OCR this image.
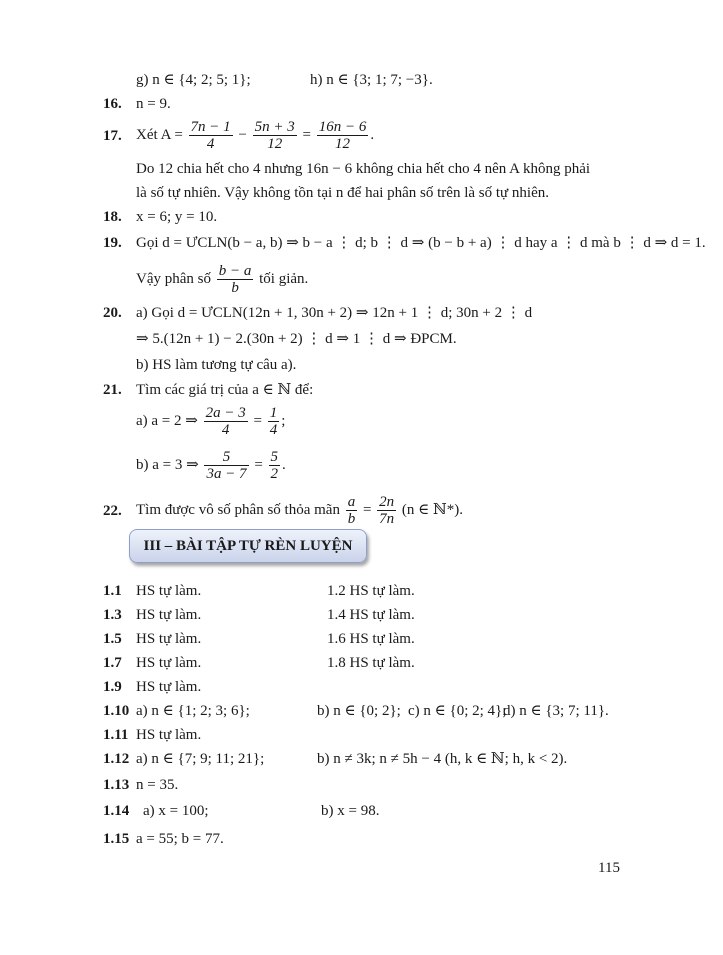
g) n ∈ {4; 2; 5; 1};	h) n ∈ {3; 1; 7; −3}.
16. n = 9.
17. Xét $A = \frac{7n - 1}{4} - \frac{5n + 3}{12} = \frac{16n - 6}{12}$ .
Do 12 chia hết cho 4 nhưng 16n − 6 không chia hết cho 4 nên A không phải
là số tự nhiên. Vậy không tồn tại n để hai phân số trên là số tự nhiên.
18. x = 6; y = 10.
19. Gọi d = ƯCLN(b − a, b) ⇒ b − a ⋮ d; b ⋮ d ⇒ (b − b + a) ⋮ d hay a ⋮ d mà b ⋮ d ⇒ d = 1.
Vậy phân số $\frac{b - a}{b}$ tối giản.
20. a) Gọi d = ƯCLN(12n + 1, 30n + 2) ⇒ 12n + 1 ⋮ d; 30n + 2 ⋮ d
⇒ 5.(12n + 1) − 2.(30n + 2) ⋮ d ⇒ 1 ⋮ d ⇒ ĐPCM.
b) HS làm tương tự câu a).
21. Tìm các giá trị của a ∈ ℕ để:
a) a = 2 ⇒ $\frac{2a - 3}{4} = \frac{1}{4}$ ;
b) a = 3 ⇒ $\frac{5}{3a - 7} = \frac{5}{2}$ .
22. Tìm được vô số phân số thỏa mãn $\frac{a}{b} = \frac{2n}{7n} (n$ ∈ ℕ*).
III – BÀI TẬP TỰ RÈN LUYỆN
1.1 HS tự làm.	1.2 HS tự làm.
1.3 HS tự làm.	1.4 HS tự làm.
1.5 HS tự làm.	1.6 HS tự làm.
1.7 HS tự làm.	1.8 HS tự làm.
1.9 HS tự làm.
1.10 a) n ∈ {1; 2; 3; 6};	b) n ∈ {0; 2}; c) n ∈ {0; 2; 4};
d) n ∈ {3; 7; 11}.
1.11 HS tự làm.
1.12 a) n ∈ {7; 9; 11; 21};	b) n ≠ 3k; n ≠ 5h − 4 (h, k ∈ ℕ; h, k < 2).
1.13 n = 35.
1.14 a) x = 100;	b) x = 98.
1.15 a = 55; b = 77.
115
